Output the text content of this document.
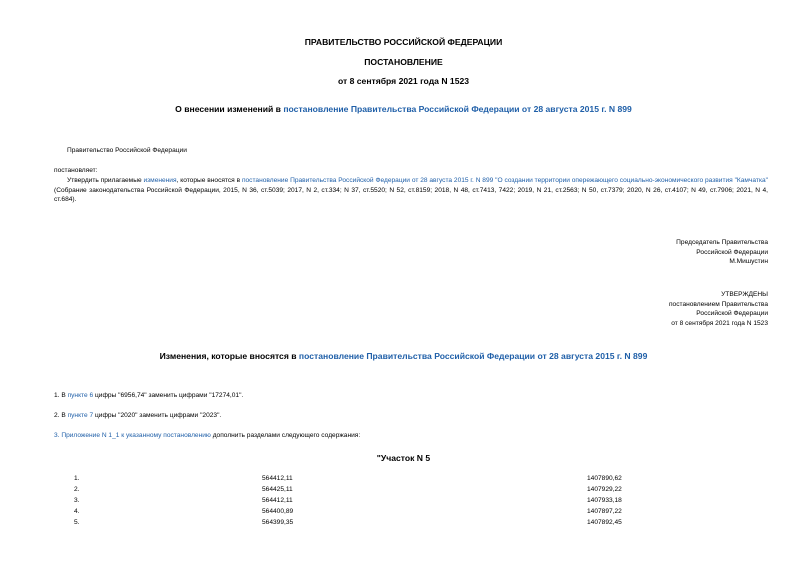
ПРАВИТЕЛЬСТВО РОССИЙСКОЙ ФЕДЕРАЦИИ
ПОСТАНОВЛЕНИЕ
от 8 сентября 2021 года N 1523
О внесении изменений в постановление Правительства Российской Федерации от 28 августа 2015 г. N 899
Правительство Российской Федерации
постановляет:
Утвердить прилагаемые изменения, которые вносятся в постановление Правительства Российской Федерации от 28 августа 2015 г. N 899 "О создании территории опережающего социально-экономического развития "Камчатка" (Собрание законодательства Российской Федерации, 2015, N 36, ст.5039; 2017, N 2, ст.334; N 37, ст.5520; N 52, ст.8159; 2018, N 48, ст.7413, 7422; 2019, N 21, ст.2563; N 50, ст.7379; 2020, N 26, ст.4107; N 49, ст.7906; 2021, N 4, ст.684).
Председатель Правительства
Российской Федерации
М.Мишустин
УТВЕРЖДЕНЫ
постановлением Правительства
Российской Федерации
от 8 сентября 2021 года N 1523
Изменения, которые вносятся в постановление Правительства Российской Федерации от 28 августа 2015 г. N 899
1. В пункте 6 цифры "6956,74" заменить цифрами "17274,01".
2. В пункте 7 цифры "2020" заменить цифрами "2023".
3. Приложение N 1_1 к указанному постановлению дополнить разделами следующего содержания:
"Участок N 5
1.	564412,11	1407890,62
2.	564425,11	1407929,22
3.	564412,11	1407933,18
4.	564400,89	1407897,22
5.	564399,35	1407892,45
